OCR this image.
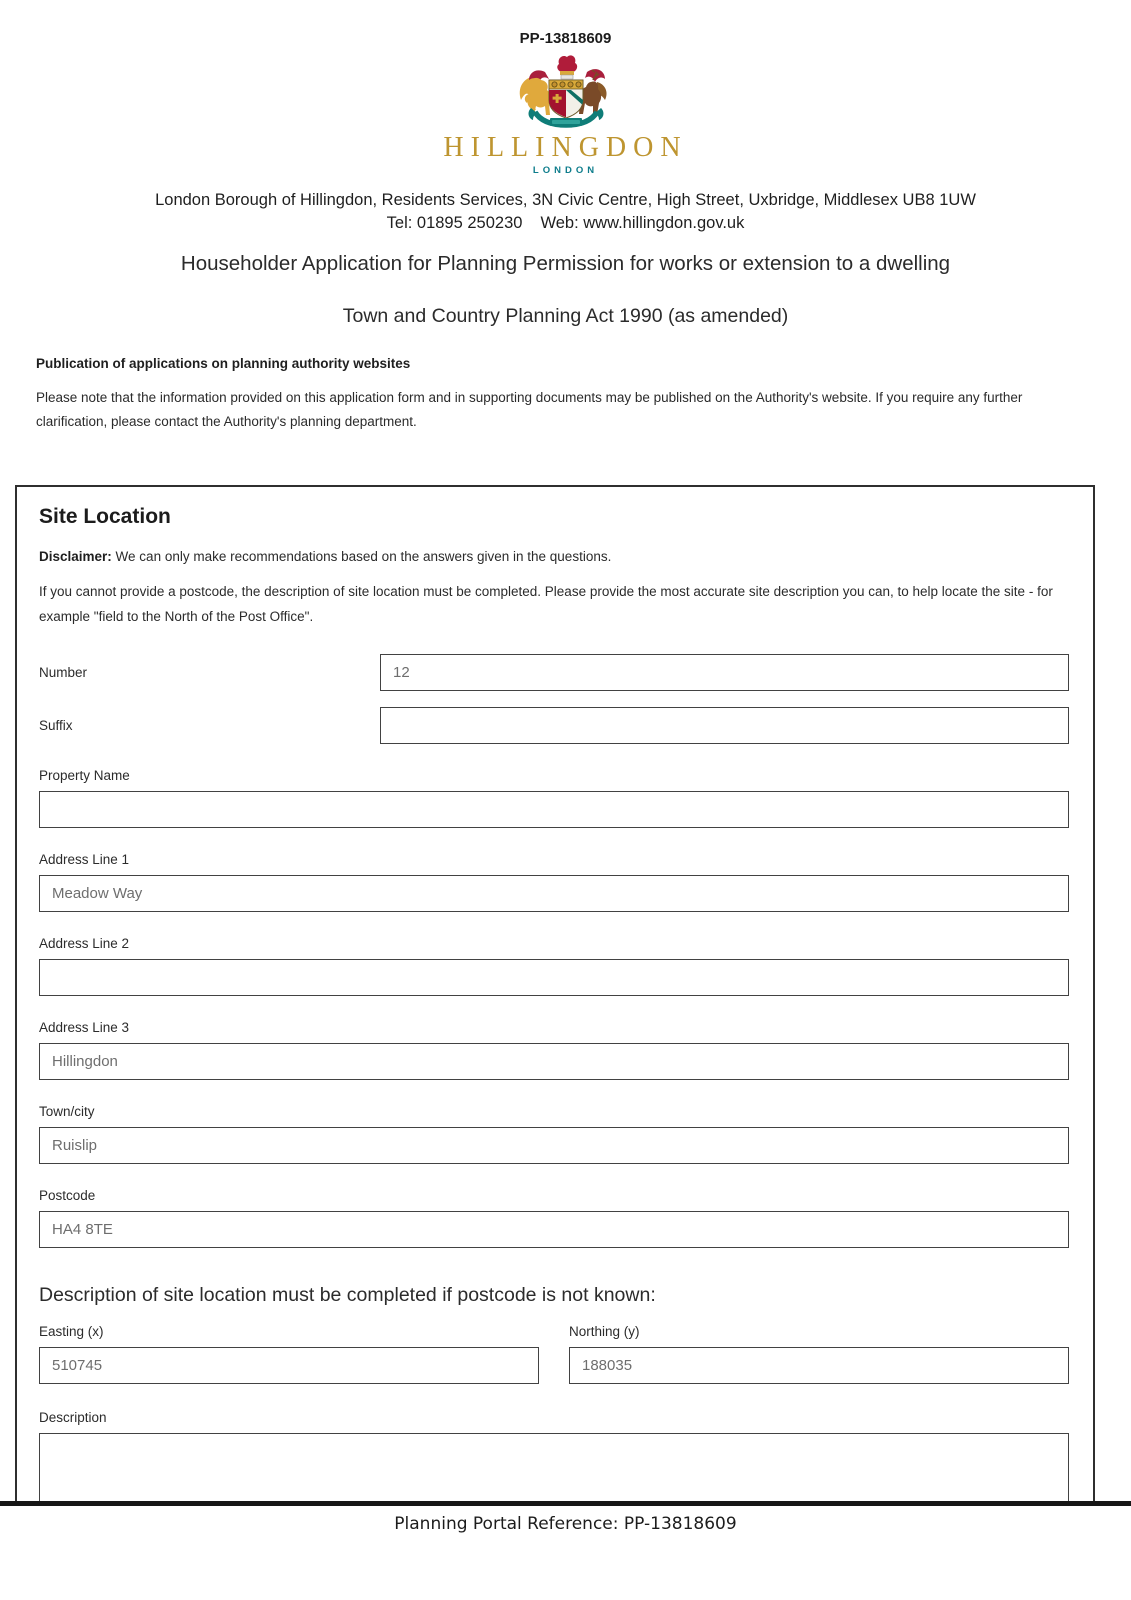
PP-13818609
HILLINGDON
LONDON
London Borough of Hillingdon, Residents Services, 3N Civic Centre, High Street, Uxbridge, Middlesex UB8 1UW
Tel: 01895 250230 Web: www.hillingdon.gov.uk
Householder Application for Planning Permission for works or extension to a dwelling
Town and Country Planning Act 1990 (as amended)
Publication of applications on planning authority websites
Please note that the information provided on this application form and in supporting documents may be published on the Authority's website. If you require any further clarification, please contact the Authority's planning department.
Site Location
Disclaimer: We can only make recommendations based on the answers given in the questions.
If you cannot provide a postcode, the description of site location must be completed. Please provide the most accurate site description you can, to help locate the site - for example "field to the North of the Post Office".
Number
12
Suffix
Property Name
Address Line 1
Meadow Way
Address Line 2
Address Line 3
Hillingdon
Town/city
Ruislip
Postcode
HA4 8TE
Description of site location must be completed if postcode is not known:
Easting (x)
510745	Northing (y)
188035
Description
Planning Portal Reference: PP-13818609
